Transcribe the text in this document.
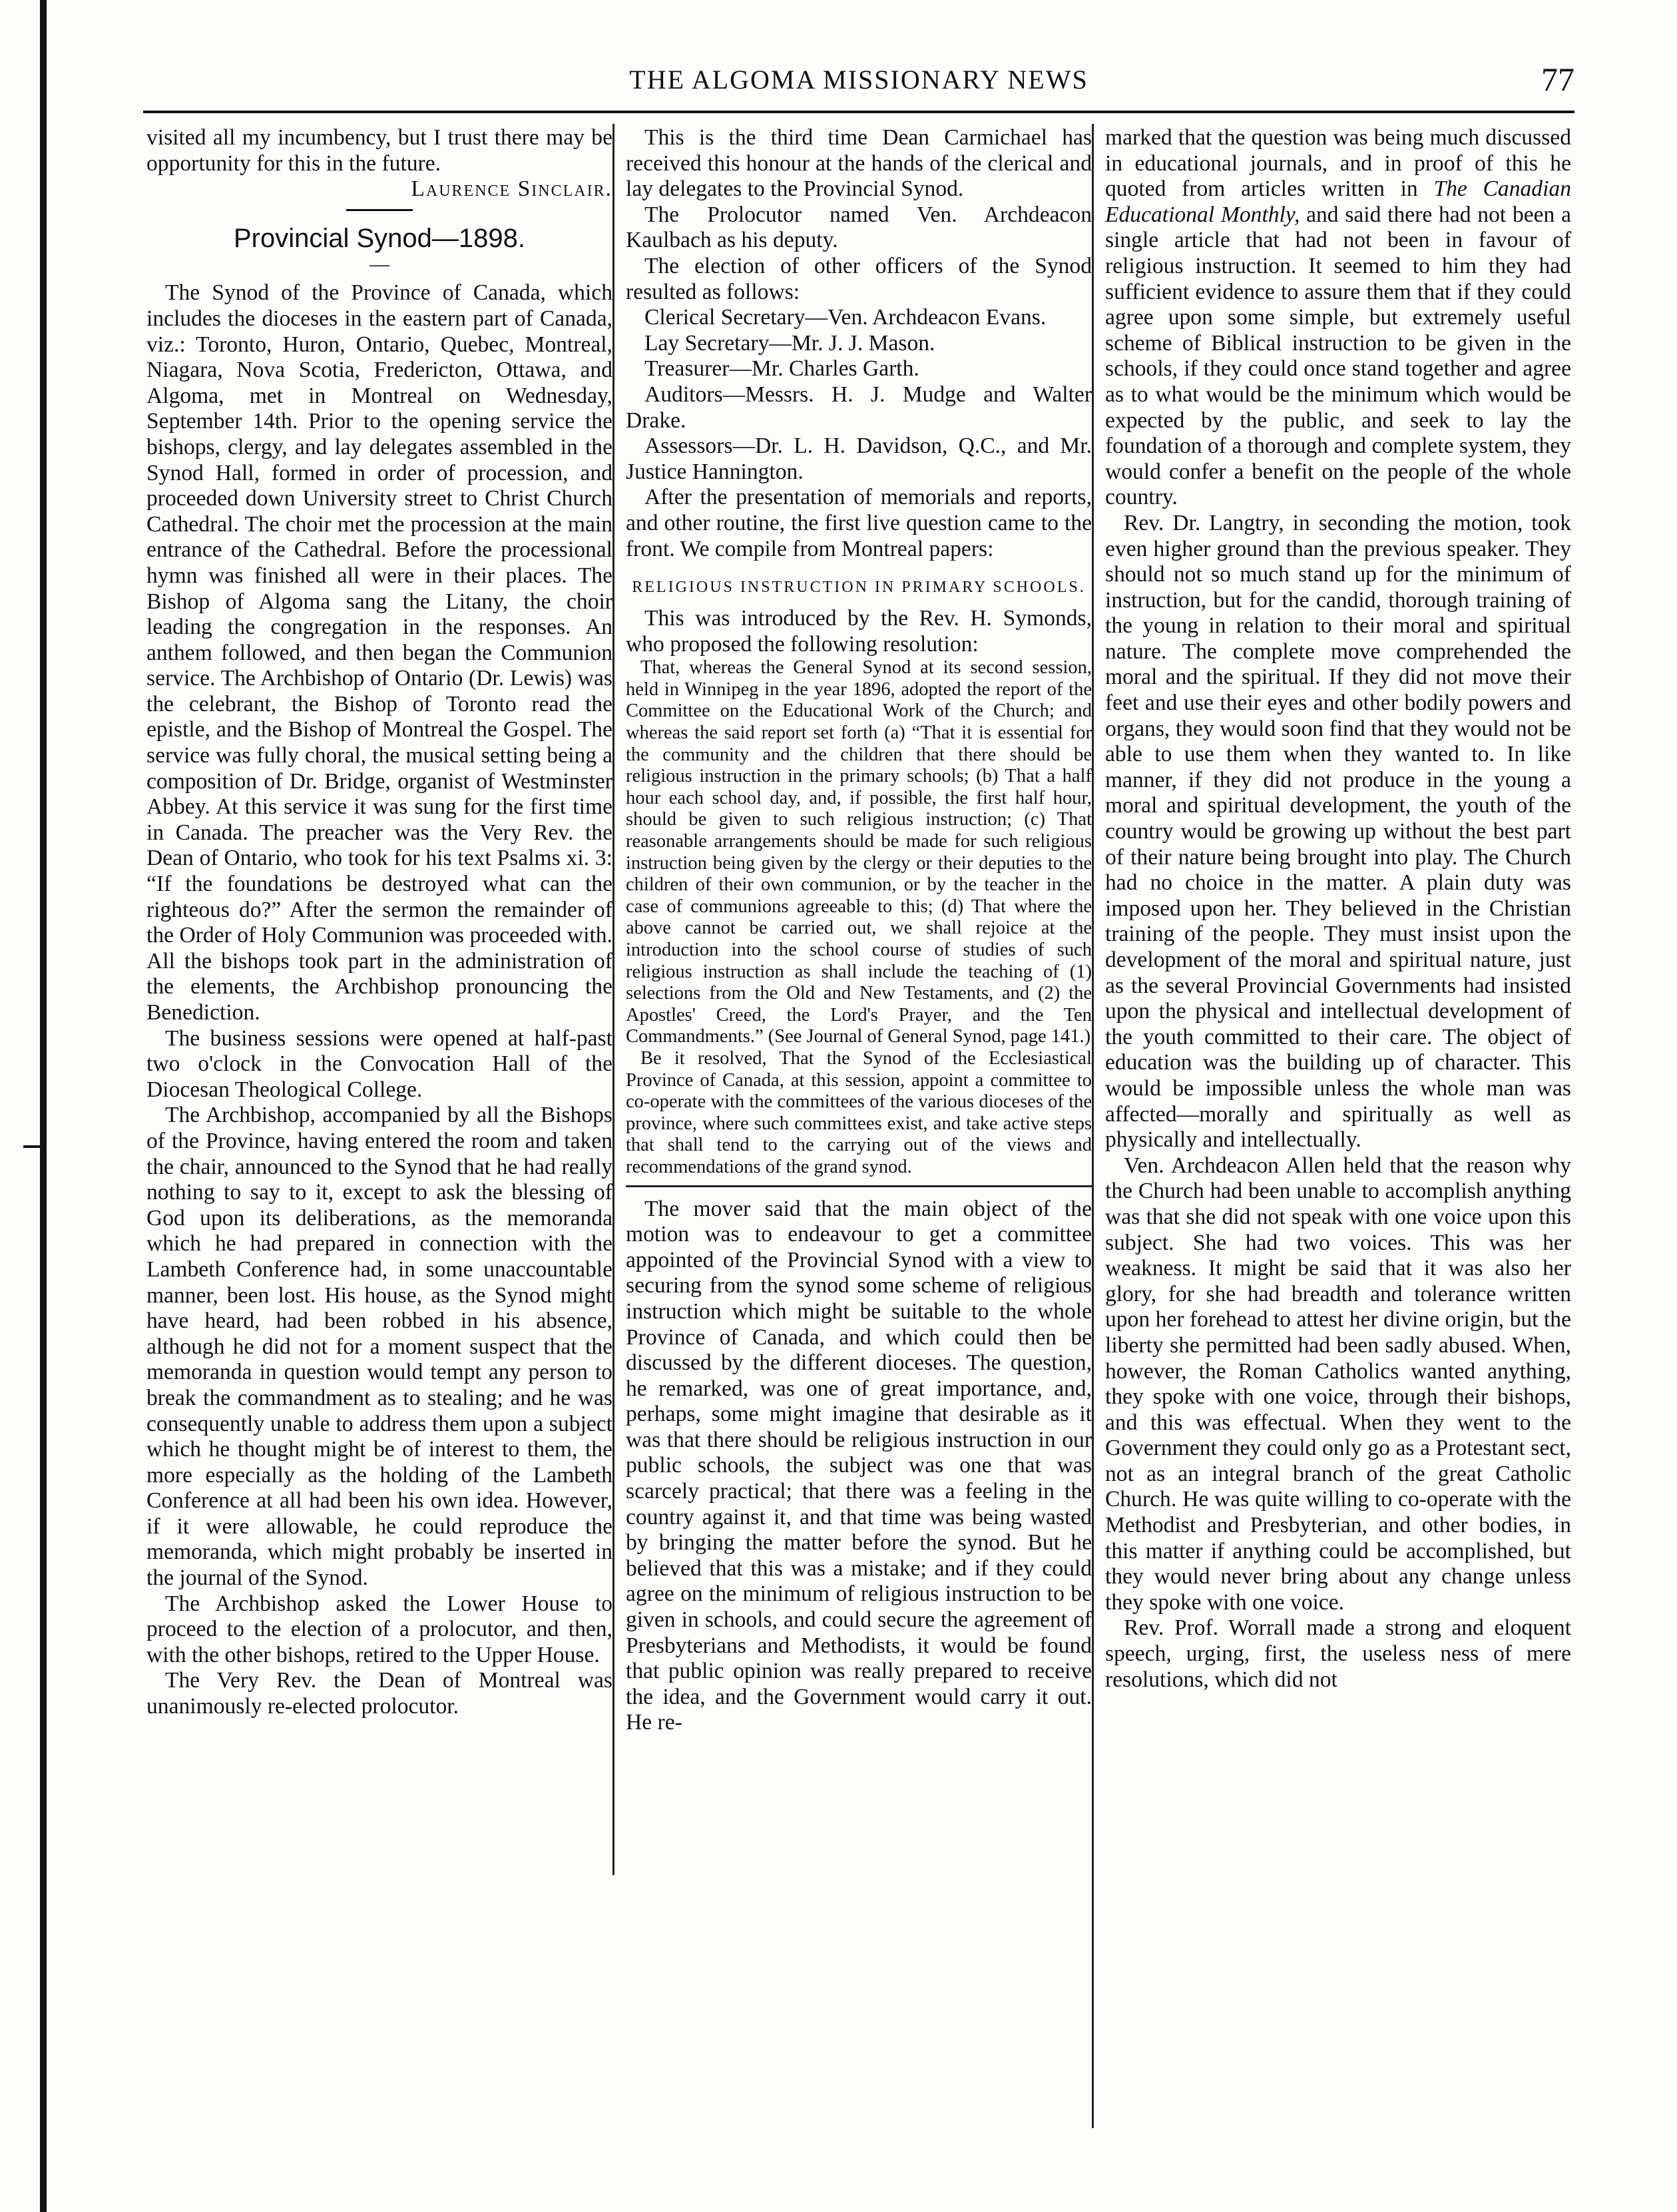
THE ALGOMA MISSIONARY NEWS	77

visited all my incumbency, but I trust there may be opportunity for this in the future.

Laurence Sinclair.
Provincial Synod—1898.
—

The Synod of the Province of Canada, which includes the dioceses in the eastern part of Canada, viz.: Toronto, Huron, Ontario, Quebec, Montreal, Niagara, Nova Scotia, Fredericton, Ottawa, and Algoma, met in Montreal on Wednesday, September 14th. Prior to the opening service the bishops, clergy, and lay delegates assembled in the Synod Hall, formed in order of procession, and proceeded down University street to Christ Church Cathedral. The choir met the procession at the main entrance of the Cathedral. Before the processional hymn was finished all were in their places. The Bishop of Algoma sang the Litany, the choir leading the congregation in the responses. An anthem followed, and then began the Communion service. The Archbishop of Ontario (Dr. Lewis) was the celebrant, the Bishop of Toronto read the epistle, and the Bishop of Montreal the Gospel. The service was fully choral, the musical setting being a composition of Dr. Bridge, organist of Westminster Abbey. At this service it was sung for the first time in Canada. The preacher was the Very Rev. the Dean of Ontario, who took for his text Psalms xi. 3: “If the foundations be destroyed what can the righteous do?” After the sermon the remainder of the Order of Holy Communion was proceeded with. All the bishops took part in the administration of the elements, the Archbishop pronouncing the Benediction.

The business sessions were opened at half-past two o'clock in the Convocation Hall of the Diocesan Theological College.

The Archbishop, accompanied by all the Bishops of the Province, having entered the room and taken the chair, announced to the Synod that he had really nothing to say to it, except to ask the blessing of God upon its deliberations, as the memoranda which he had prepared in connection with the Lambeth Conference had, in some unaccountable manner, been lost. His house, as the Synod might have heard, had been robbed in his absence, although he did not for a moment suspect that the memoranda in question would tempt any person to break the commandment as to stealing; and he was consequently unable to address them upon a subject which he thought might be of interest to them, the more especially as the holding of the Lambeth Conference at all had been his own idea. However, if it were allowable, he could reproduce the memoranda, which might probably be inserted in the journal of the Synod.

The Archbishop asked the Lower House to proceed to the election of a prolocutor, and then, with the other bishops, retired to the Upper House.

The Very Rev. the Dean of Montreal was unanimously re-elected prolocutor.

This is the third time Dean Carmichael has received this honour at the hands of the clerical and lay delegates to the Provincial Synod.

The Prolocutor named Ven. Archdeacon Kaulbach as his deputy.

The election of other officers of the Synod resulted as follows:

Clerical Secretary—Ven. Archdeacon Evans.

Lay Secretary—Mr. J. J. Mason.

Treasurer—Mr. Charles Garth.

Auditors—Messrs. H. J. Mudge and Walter Drake.

Assessors—Dr. L. H. Davidson, Q.C., and Mr. Justice Hannington.

After the presentation of memorials and reports, and other routine, the first live question came to the front. We compile from Montreal papers:

RELIGIOUS INSTRUCTION IN PRIMARY SCHOOLS.

This was introduced by the Rev. H. Symonds, who proposed the following resolution:

That, whereas the General Synod at its second session, held in Winnipeg in the year 1896, adopted the report of the Committee on the Educational Work of the Church; and whereas the said report set forth (a) “That it is essential for the community and the children that there should be religious instruction in the primary schools; (b) That a half hour each school day, and, if possible, the first half hour, should be given to such religious instruction; (c) That reasonable arrangements should be made for such religious instruction being given by the clergy or their deputies to the children of their own communion, or by the teacher in the case of communions agreeable to this; (d) That where the above cannot be carried out, we shall rejoice at the introduction into the school course of studies of such religious instruction as shall include the teaching of (1) selections from the Old and New Testaments, and (2) the Apostles' Creed, the Lord's Prayer, and the Ten Commandments.” (See Journal of General Synod, page 141.)

Be it resolved, That the Synod of the Ecclesiastical Province of Canada, at this session, appoint a committee to co-operate with the committees of the various dioceses of the province, where such committees exist, and take active steps that shall tend to the carrying out of the views and recommendations of the grand synod.

The mover said that the main object of the motion was to endeavour to get a committee appointed of the Provincial Synod with a view to securing from the synod some scheme of religious instruction which might be suitable to the whole Province of Canada, and which could then be discussed by the different dioceses. The question, he remarked, was one of great importance, and, perhaps, some might imagine that desirable as it was that there should be religious instruction in our public schools, the subject was one that was scarcely practical; that there was a feeling in the country against it, and that time was being wasted by bringing the matter before the synod. But he believed that this was a mistake; and if they could agree on the minimum of religious instruction to be given in schools, and could secure the agreement of Presbyterians and Methodists, it would be found that public opinion was really prepared to receive the idea, and the Government would carry it out. He re-

marked that the question was being much discussed in educational journals, and in proof of this he quoted from articles written in The Canadian Educational Monthly, and said there had not been a single article that had not been in favour of religious instruction. It seemed to him they had sufficient evidence to assure them that if they could agree upon some simple, but extremely useful scheme of Biblical instruction to be given in the schools, if they could once stand together and agree as to what would be the minimum which would be expected by the public, and seek to lay the foundation of a thorough and complete system, they would confer a benefit on the people of the whole country.

Rev. Dr. Langtry, in seconding the motion, took even higher ground than the previous speaker. They should not so much stand up for the minimum of instruction, but for the candid, thorough training of the young in relation to their moral and spiritual nature. The complete move comprehended the moral and the spiritual. If they did not move their feet and use their eyes and other bodily powers and organs, they would soon find that they would not be able to use them when they wanted to. In like manner, if they did not produce in the young a moral and spiritual development, the youth of the country would be growing up without the best part of their nature being brought into play. The Church had no choice in the matter. A plain duty was imposed upon her. They believed in the Christian training of the people. They must insist upon the development of the moral and spiritual nature, just as the several Provincial Governments had insisted upon the physical and intellectual development of the youth committed to their care. The object of education was the building up of character. This would be impossible unless the whole man was affected—morally and spiritually as well as physically and intellectually.

Ven. Archdeacon Allen held that the reason why the Church had been unable to accomplish anything was that she did not speak with one voice upon this subject. She had two voices. This was her weakness. It might be said that it was also her glory, for she had breadth and tolerance written upon her forehead to attest her divine origin, but the liberty she permitted had been sadly abused. When, however, the Roman Catholics wanted anything, they spoke with one voice, through their bishops, and this was effectual. When they went to the Government they could only go as a Protestant sect, not as an integral branch of the great Catholic Church. He was quite willing to co-operate with the Methodist and Presbyterian, and other bodies, in this matter if anything could be accomplished, but they would never bring about any change unless they spoke with one voice.

Rev. Prof. Worrall made a strong and eloquent speech, urging, first, the useless ness of mere resolutions, which did not
